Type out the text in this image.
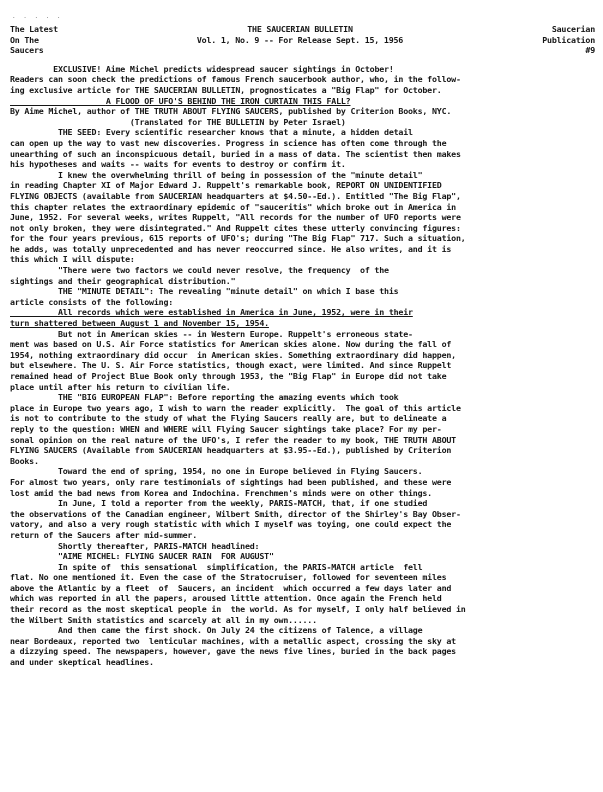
. . . . .
The Latest
On The
Saucers
THE SAUCERIAN BULLETIN
Vol. 1, No. 9 -- For Release Sept. 15, 1956
Saucerian
Publication
#9

EXCLUSIVE! Aime Michel predicts widespread saucer sightings in October!
Readers can soon check the predictions of famous French saucerbook author, who, in the follow-
ing exclusive article for THE SAUCERIAN BULLETIN, prognosticates a "Big Flap" for October.

A FLOOD OF UFO'S BEHIND THE IRON CURTAIN THIS FALL?

By Aime Michel, author of THE TRUTH ABOUT FLYING SAUCERS, published by Criterion Books, NYC.
(Translated for THE BULLETIN by Peter Israel)

THE SEED: Every scientific researcher knows that a minute, a hidden detail
can open up the way to vast new discoveries. Progress in science has often come through the
unearthing of such an inconspicuous detail, buried in a mass of data. The scientist then makes
his hypotheses and waits -- waits for events to destroy or confirm it.

I knew the overwhelming thrill of being in possession of the "minute detail"
in reading Chapter XI of Major Edward J. Ruppelt's remarkable book, REPORT ON UNIDENTIFIED
FLYING OBJECTS (available from SAUCERIAN headquarters at $4.50--Ed.). Entitled "The Big Flap",
this chapter relates the extraordinary epidemic of "sauceritis" which broke out in America in
June, 1952. For several weeks, writes Ruppelt, "All records for the number of UFO reports were
not only broken, they were disintegrated." And Ruppelt cites these utterly convincing figures:
for the four years previous, 615 reports of UFO's; during "The Big Flap" 717. Such a situation,
he adds, was totally unprecedented and has never reoccurred since. He also writes, and it is
this which I will dispute:

"There were two factors we could never resolve, the frequency  of the
sightings and their geographical distribution."

THE "MINUTE DETAIL": The revealing "minute detail" on which I base this
article consists of the following:

All records which were established in America in June, 1952, were in their
turn shattered between August 1 and November 15, 1954.

But not in American skies -- in Western Europe. Ruppelt's erroneous state-
ment was based on U.S. Air Force statistics for American skies alone. Now during the fall of
1954, nothing extraordinary did occur  in American skies. Something extraordinary did happen,
but elsewhere. The U. S. Air Force statistics, though exact, were limited. And since Ruppelt
remained head of Project Blue Book only through 1953, the "Big Flap" in Europe did not take
place until after his return to civilian life.

THE "BIG EUROPEAN FLAP": Before reporting the amazing events which took
place in Europe two years ago, I wish to warn the reader explicitly.  The goal of this article
is not to contribute to the study of what the Flying Saucers really are, but to delineate a
reply to the question: WHEN and WHERE will Flying Saucer sightings take place? For my per-
sonal opinion on the real nature of the UFO's, I refer the reader to my book, THE TRUTH ABOUT
FLYING SAUCERS (Available from SAUCERIAN headquarters at $3.95--Ed.), published by Criterion
Books.

Toward the end of spring, 1954, no one in Europe believed in Flying Saucers.
For almost two years, only rare testimonials of sightings had been published, and these were
lost amid the bad news from Korea and Indochina. Frenchmen's minds were on other things.

In June, I told a reporter from the weekly, PARIS-MATCH, that, if one studied
the observations of the Canadian engineer, Wilbert Smith, director of the Shirley's Bay Obser-
vatory, and also a very rough statistic with which I myself was toying, one could expect the
return of the Saucers after mid-summer.

Shortly thereafter, PARIS-MATCH headlined:
"AIME MICHEL: FLYING SAUCER RAIN  FOR AUGUST"

In spite of  this sensational  simplification, the PARIS-MATCH article  fell
flat. No one mentioned it. Even the case of the Stratocruiser, followed for seventeen miles
above the Atlantic by a fleet  of  Saucers, an incident  which occurred a few days later and
which was reported in all the papers, aroused little attention. Once again the French held
their record as the most skeptical people in  the world. As for myself, I only half believed in
the Wilbert Smith statistics and scarcely at all in my own......

And then came the first shock. On July 24 the citizens of Talence, a village
near Bordeaux, reported two  lenticular machines, with a metallic aspect, crossing the sky at
a dizzying speed. The newspapers, however, gave the news five lines, buried in the back pages
and under skeptical headlines.
